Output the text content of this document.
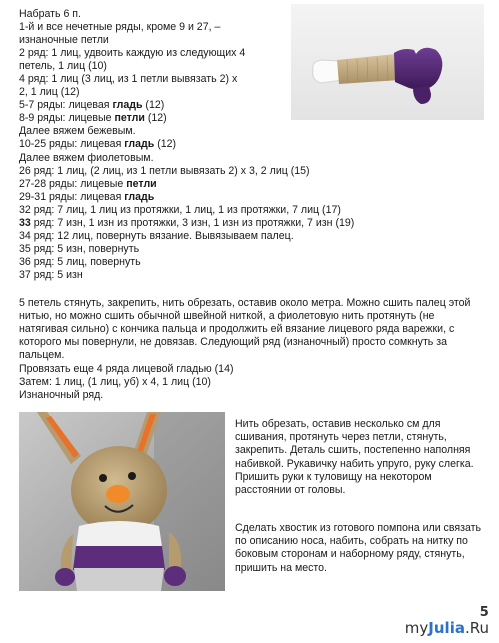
Набрать 6 п.
1-й и все нечетные ряды, кроме 9 и 27, –
изнаночные петли
2 ряд: 1 лиц, удвоить каждую из следующих 4
петель, 1 лиц (10)
4 ряд: 1 лиц (3 лиц, из 1 петли вывязать 2) х
2, 1 лиц (12)
5-7 ряды: лицевая гладь (12)
8-9 ряды: лицевые петли (12)
Далее вяжем бежевым.
10-25 ряды: лицевая гладь (12)
Далее вяжем фиолетовым.
26 ряд: 1 лиц, (2 лиц, из 1 петли вывязать 2) х 3, 2 лиц (15)
27-28 ряды: лицевые петли
29-31 ряды: лицевая гладь
32 ряд: 7 лиц, 1 лиц из протяжки, 1 лиц, 1 из протяжки, 7 лиц (17)
33 ряд: 7 изн, 1 изн из протяжки, 3 изн, 1 изн из протяжки, 7 изн (19)
34 ряд: 12 лиц, повернуть вязание. Вывязываем палец.
35 ряд: 5 изн, повернуть
36 ряд: 5 лиц, повернуть
37 ряд: 5 изн
5 петель стянуть, закрепить, нить обрезать, оставив около метра. Можно сшить палец этой нитью, но можно сшить обычной швейной ниткой, а фиолетовую нить протянуть (не натягивая сильно) с кончика пальца и продолжить ей вязание лицевого ряда варежки, с которого мы повернули, не довязав. Следующий ряд (изнаночный) просто сомкнуть за пальцем.
Провязать еще 4 ряда лицевой гладью (14)
Затем: 1 лиц, (1 лиц, уб) х 4, 1 лиц (10)
Изнаночный ряд.
Нить обрезать, оставив несколько см для сшивания, протянуть через петли, стянуть, закрепить. Деталь сшить, постепенно наполняя набивкой. Рукавичку набить упруго, руку слегка. Пришить руки к туловищу на некотором расстоянии от головы.
Сделать хвостик из готового помпона или связать по описанию носа, набить, собрать на нитку по боковым сторонам и наборному ряду, стянуть, пришить на место.
5
myJulia.Ru
